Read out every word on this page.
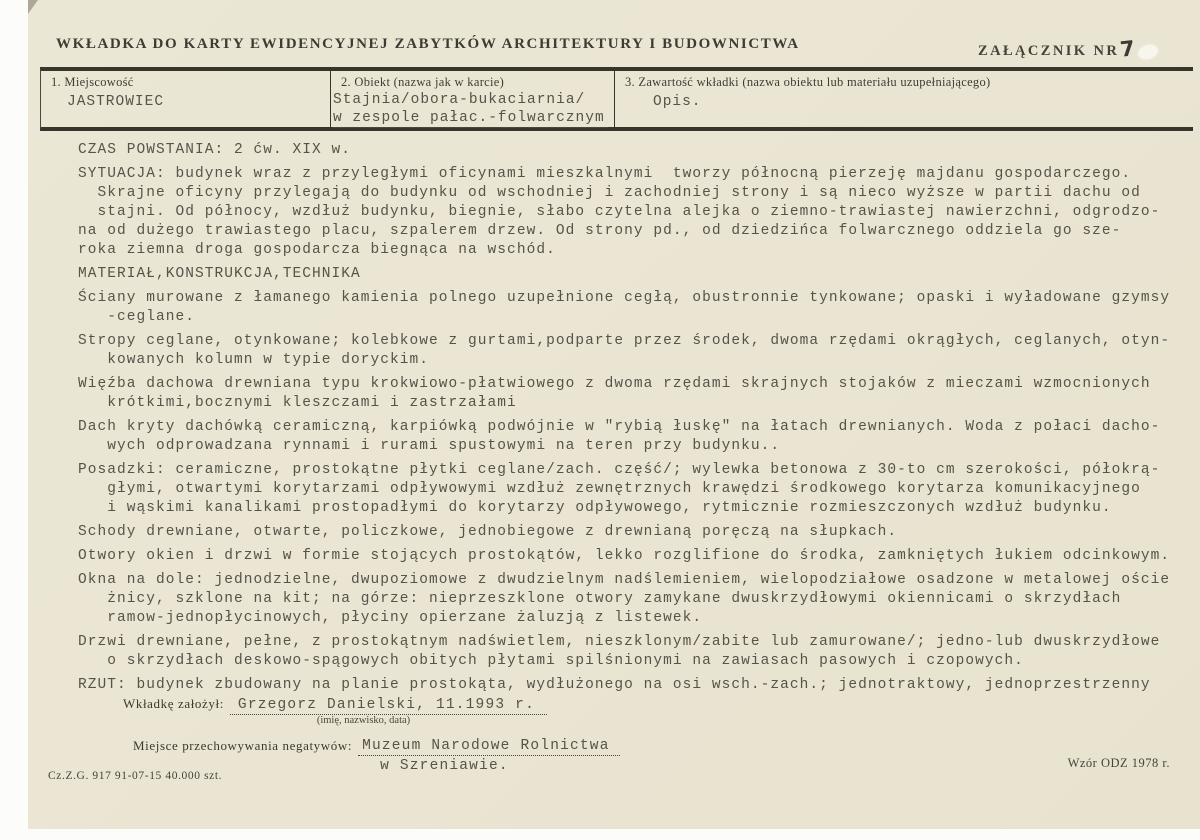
WKŁADKA DO KARTY EWIDENCYJNEJ ZABYTKÓW ARCHITEKTURY I BUDOWNICTWA	ZAŁĄCZNIK NR7
1. Miejscowość
JASTROWIEC
2. Obiekt (nazwa jak w karcie)
Stajnia/obora-bukaciarnia/
w zespole pałac.-folwarcznym
3. Zawartość wkładki (nazwa obiektu lub materiału uzupełniającego)
Opis.
CZAS POWSTANIA: 2 ćw. XIX w.
SYTUACJA: budynek wraz z przyległymi oficynami mieszkalnymi  tworzy północną pierzeję majdanu gospodarczego.
Skrajne oficyny przylegają do budynku od wschodniej i zachodniej strony i są nieco wyższe w partii dachu od
stajni. Od północy, wzdłuż budynku, biegnie, słabo czytelna alejka o ziemno-trawiastej nawierzchni, odgrodzo-
na od dużego trawiastego placu, szpalerem drzew. Od strony pd., od dziedzińca folwarcznego oddziela go sze-
roka ziemna droga gospodarcza biegnąca na wschód.
MATERIAŁ,KONSTRUKCJA,TECHNIKA
Ściany murowane z łamanego kamienia polnego uzupełnione cegłą, obustronnie tynkowane; opaski i wyładowane gzymsy
-ceglane.
Stropy ceglane, otynkowane; kolebkowe z gurtami,podparte przez środek, dwoma rzędami okrągłych, ceglanych, otyn-
kowanych kolumn w typie doryckim.
Więźba dachowa drewniana typu krokwiowo-płatwiowego z dwoma rzędami skrajnych stojaków z mieczami wzmocnionych
krótkimi,bocznymi kleszczami i zastrzałami
Dach kryty dachówką ceramiczną, karpiówką podwójnie w "rybią łuskę" na łatach drewnianych. Woda z połaci dacho-
wych odprowadzana rynnami i rurami spustowymi na teren przy budynku..
Posadzki: ceramiczne, prostokątne płytki ceglane/zach. część/; wylewka betonowa z 30-to cm szerokości, półokrą-
głymi, otwartymi korytarzami odpływowymi wzdłuż zewnętrznych krawędzi środkowego korytarza komunikacyjnego
i wąskimi kanalikami prostopadłymi do korytarzy odpływowego, rytmicznie rozmieszczonych wzdłuż budynku.
Schody drewniane, otwarte, policzkowe, jednobiegowe z drewnianą poręczą na słupkach.
Otwory okien i drzwi w formie stojących prostokątów, lekko rozglifione do środka, zamkniętych łukiem odcinkowym.
Okna na dole: jednodzielne, dwupoziomowe z dwudzielnym nadślemieniem, wielopodziałowe osadzone w metalowej oście
żnicy, szklone na kit; na górze: nieprzeszklone otwory zamykane dwuskrzydłowymi okiennicami o skrzydłach
ramow-jednopłycinowych, płyciny opierzane żaluzją z listewek.
Drzwi drewniane, pełne, z prostokątnym nadświetlem, nieszklonym/zabite lub zamurowane/; jedno-lub dwuskrzydłowe
o skrzydłach deskowo-spągowych obitych płytami spilśnionymi na zawiasach pasowych i czopowych.
RZUT: budynek zbudowany na planie prostokąta, wydłużonego na osi wsch.-zach.; jednotraktowy, jednoprzestrzenny
Wkładkę założył: Grzegorz Danielski, 11.1993 r.
(imię, nazwisko, data)
Miejsce przechowywania negatywów: Muzeum Narodowe Rolnictwa
w Szreniawie.
Cz.Z.G. 917 91-07-15 40.000 szt.
Wzór ODZ 1978 r.
